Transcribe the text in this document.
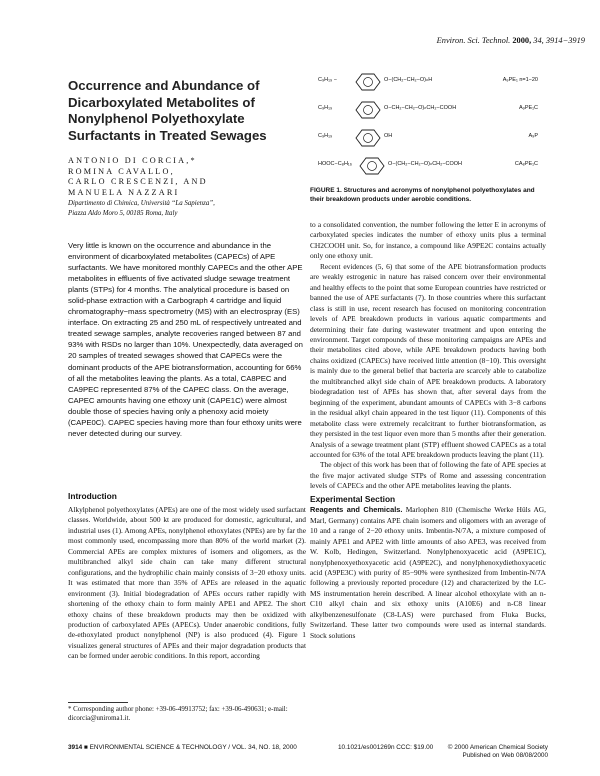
Environ. Sci. Technol. 2000, 34, 3914−3919
Occurrence and Abundance of Dicarboxylated Metabolites of Nonylphenol Polyethoxylate Surfactants in Treated Sewages
ANTONIO DI CORCIA,*
ROMINA CAVALLO,
CARLO CRESCENZI, AND
MANUELA NAZZARI
Dipartimento di Chimica, Università “La Sapienza”,
Piazza Aldo Moro 5, 00185 Roma, Italy
Very little is known on the occurrence and abundance in the environment of dicarboxylated metabolites (CAPECs) of APE surfactants. We have monitored monthly CAPECs and the other APE metabolites in effluents of five activated sludge sewage treatment plants (STPs) for 4 months. The analytical procedure is based on solid-phase extraction with a Carbograph 4 cartridge and liquid chromatography−mass spectrometry (MS) with an electrospray (ES) interface. On extracting 25 and 250 mL of respectively untreated and treated sewage samples, analyte recoveries ranged between 87 and 93% with RSDs no larger than 10%. Unexpectedly, data averaged on 20 samples of treated sewages showed that CAPECs were the dominant products of the APE biotransformation, accounting for 66% of all the metabolites leaving the plants. As a total, CA8PEC and CA9PEC represented 87% of the CAPEC class. On the average, CAPEC amounts having one ethoxy unit (CAPE1C) were almost double those of species having only a phenoxy acid moiety (CAPE0C). CAPEC species having more than four ethoxy units were never detected during our survey.
Introduction
Alkylphenol polyethoxylates (APEs) are one of the most widely used surfactant classes. Worldwide, about 500 kt are produced for domestic, agricultural, and industrial uses (1). Among APEs, nonylphenol ethoxylates (NPEs) are by far the most commonly used, encompassing more than 80% of the world market (2). Commercial APEs are complex mixtures of isomers and oligomers, as the multibranched alkyl side chain can take many different structural configurations, and the hydrophilic chain mainly consists of 3−20 ethoxy units. It was estimated that more than 35% of APEs are released in the aquatic environment (3). Initial biodegradation of APEs occurs rather rapidly with shortening of the ethoxy chain to form mainly APE1 and APE2. The short ethoxy chains of these breakdown products may then be oxidized with production of carboxylated APEs (APECs). Under anaerobic conditions, fully de-ethoxylated product nonylphenol (NP) is also produced (4). Figure 1 visualizes general structures of APEs and their major degradation products that can be formed under aerobic conditions. In this report, according
* Corresponding author phone: +39-06-49913752; fax: +39-06-490631; e-mail: dicorcia@uniroma1.it.
C₉H₁₉ −	O−(CH₂−CH₂−O)ₙH	A₉PE₁ n=1−20
C₉H₁₉	O−CH₂−CH₂−O)ₙCH₂−COOH	A₉PE₁C
C₉H₁₉	OH	A₉P
HOOC−C₈H₁₆	O−(CH₂−CH₂−O)ₙCH₂−COOH	CA₈PE₁C
FIGURE 1. Structures and acronyms of nonylphenol polyethoxylates and their breakdown products under aerobic conditions.

to a consolidated convention, the number following the letter E in acronyms of carboxylated species indicates the number of ethoxy units plus a terminal CH2COOH unit. So, for instance, a compound like A9PE2C contains actually only one ethoxy unit.

Recent evidences (5, 6) that some of the APE biotransformation products are weakly estrogenic in nature has raised concern over their environmental and healthy effects to the point that some European countries have restricted or banned the use of APE surfactants (7). In those countries where this surfactant class is still in use, recent research has focused on monitoring concentration levels of APE breakdown products in various aquatic compartments and determining their fate during wastewater treatment and upon entering the environment. Target compounds of these monitoring campaigns are APEs and their metabolites cited above, while APE breakdown products having both chains oxidized (CAPECs) have received little attention (8−10). This oversight is mainly due to the general belief that bacteria are scarcely able to catabolize the multibranched alkyl side chain of APE breakdown products. A laboratory biodegradation test of APEs has shown that, after several days from the beginning of the experiment, abundant amounts of CAPECs with 3−8 carbons in the residual alkyl chain appeared in the test liquor (11). Components of this metabolite class were extremely recalcitrant to further biotransformation, as they persisted in the test liquor even more than 5 months after their generation. Analysis of a sewage treatment plant (STP) effluent showed CAPECs as a total accounted for 63% of the total APE breakdown products leaving the plant (11).

The object of this work has been that of following the fate of APE species at the five major activated sludge STPs of Rome and assessing concentration levels of CAPECs and the other APE metabolites leaving the plants.

Experimental Section

Reagents and Chemicals. Marlophen 810 (Chemische Werke Hüls AG, Marl, Germany) contains APE chain isomers and oligomers with an average of 10 and a range of 2−20 ethoxy units. Imbentin-N/7A, a mixture composed of mainly APE1 and APE2 with little amounts of also APE3, was received from W. Kolb, Hedingen, Switzerland. Nonylphenoxyacetic acid (A9PE1C), nonylphenoxyethoxyacetic acid (A9PE2C), and nonylphenoxydiethoxyacetic acid (A9PE3C) with purity of 85−90% were synthesized from Imbentin-N/7A following a previously reported procedure (12) and characterized by the LC-MS instrumentation herein described. A linear alcohol ethoxylate with an n-C10 alkyl chain and six ethoxy units (A10E6) and n-C8 linear alkylbenzenesulfonate (C8-LAS) were purchased from Fluka Bucks, Switzerland. These latter two compounds were used as internal standards. Stock solutions

3914 ■ ENVIRONMENTAL SCIENCE & TECHNOLOGY / VOL. 34, NO. 18, 2000	10.1021/es001269n CCC: $19.00 © 2000 American Chemical Society
Published on Web 08/08/2000
